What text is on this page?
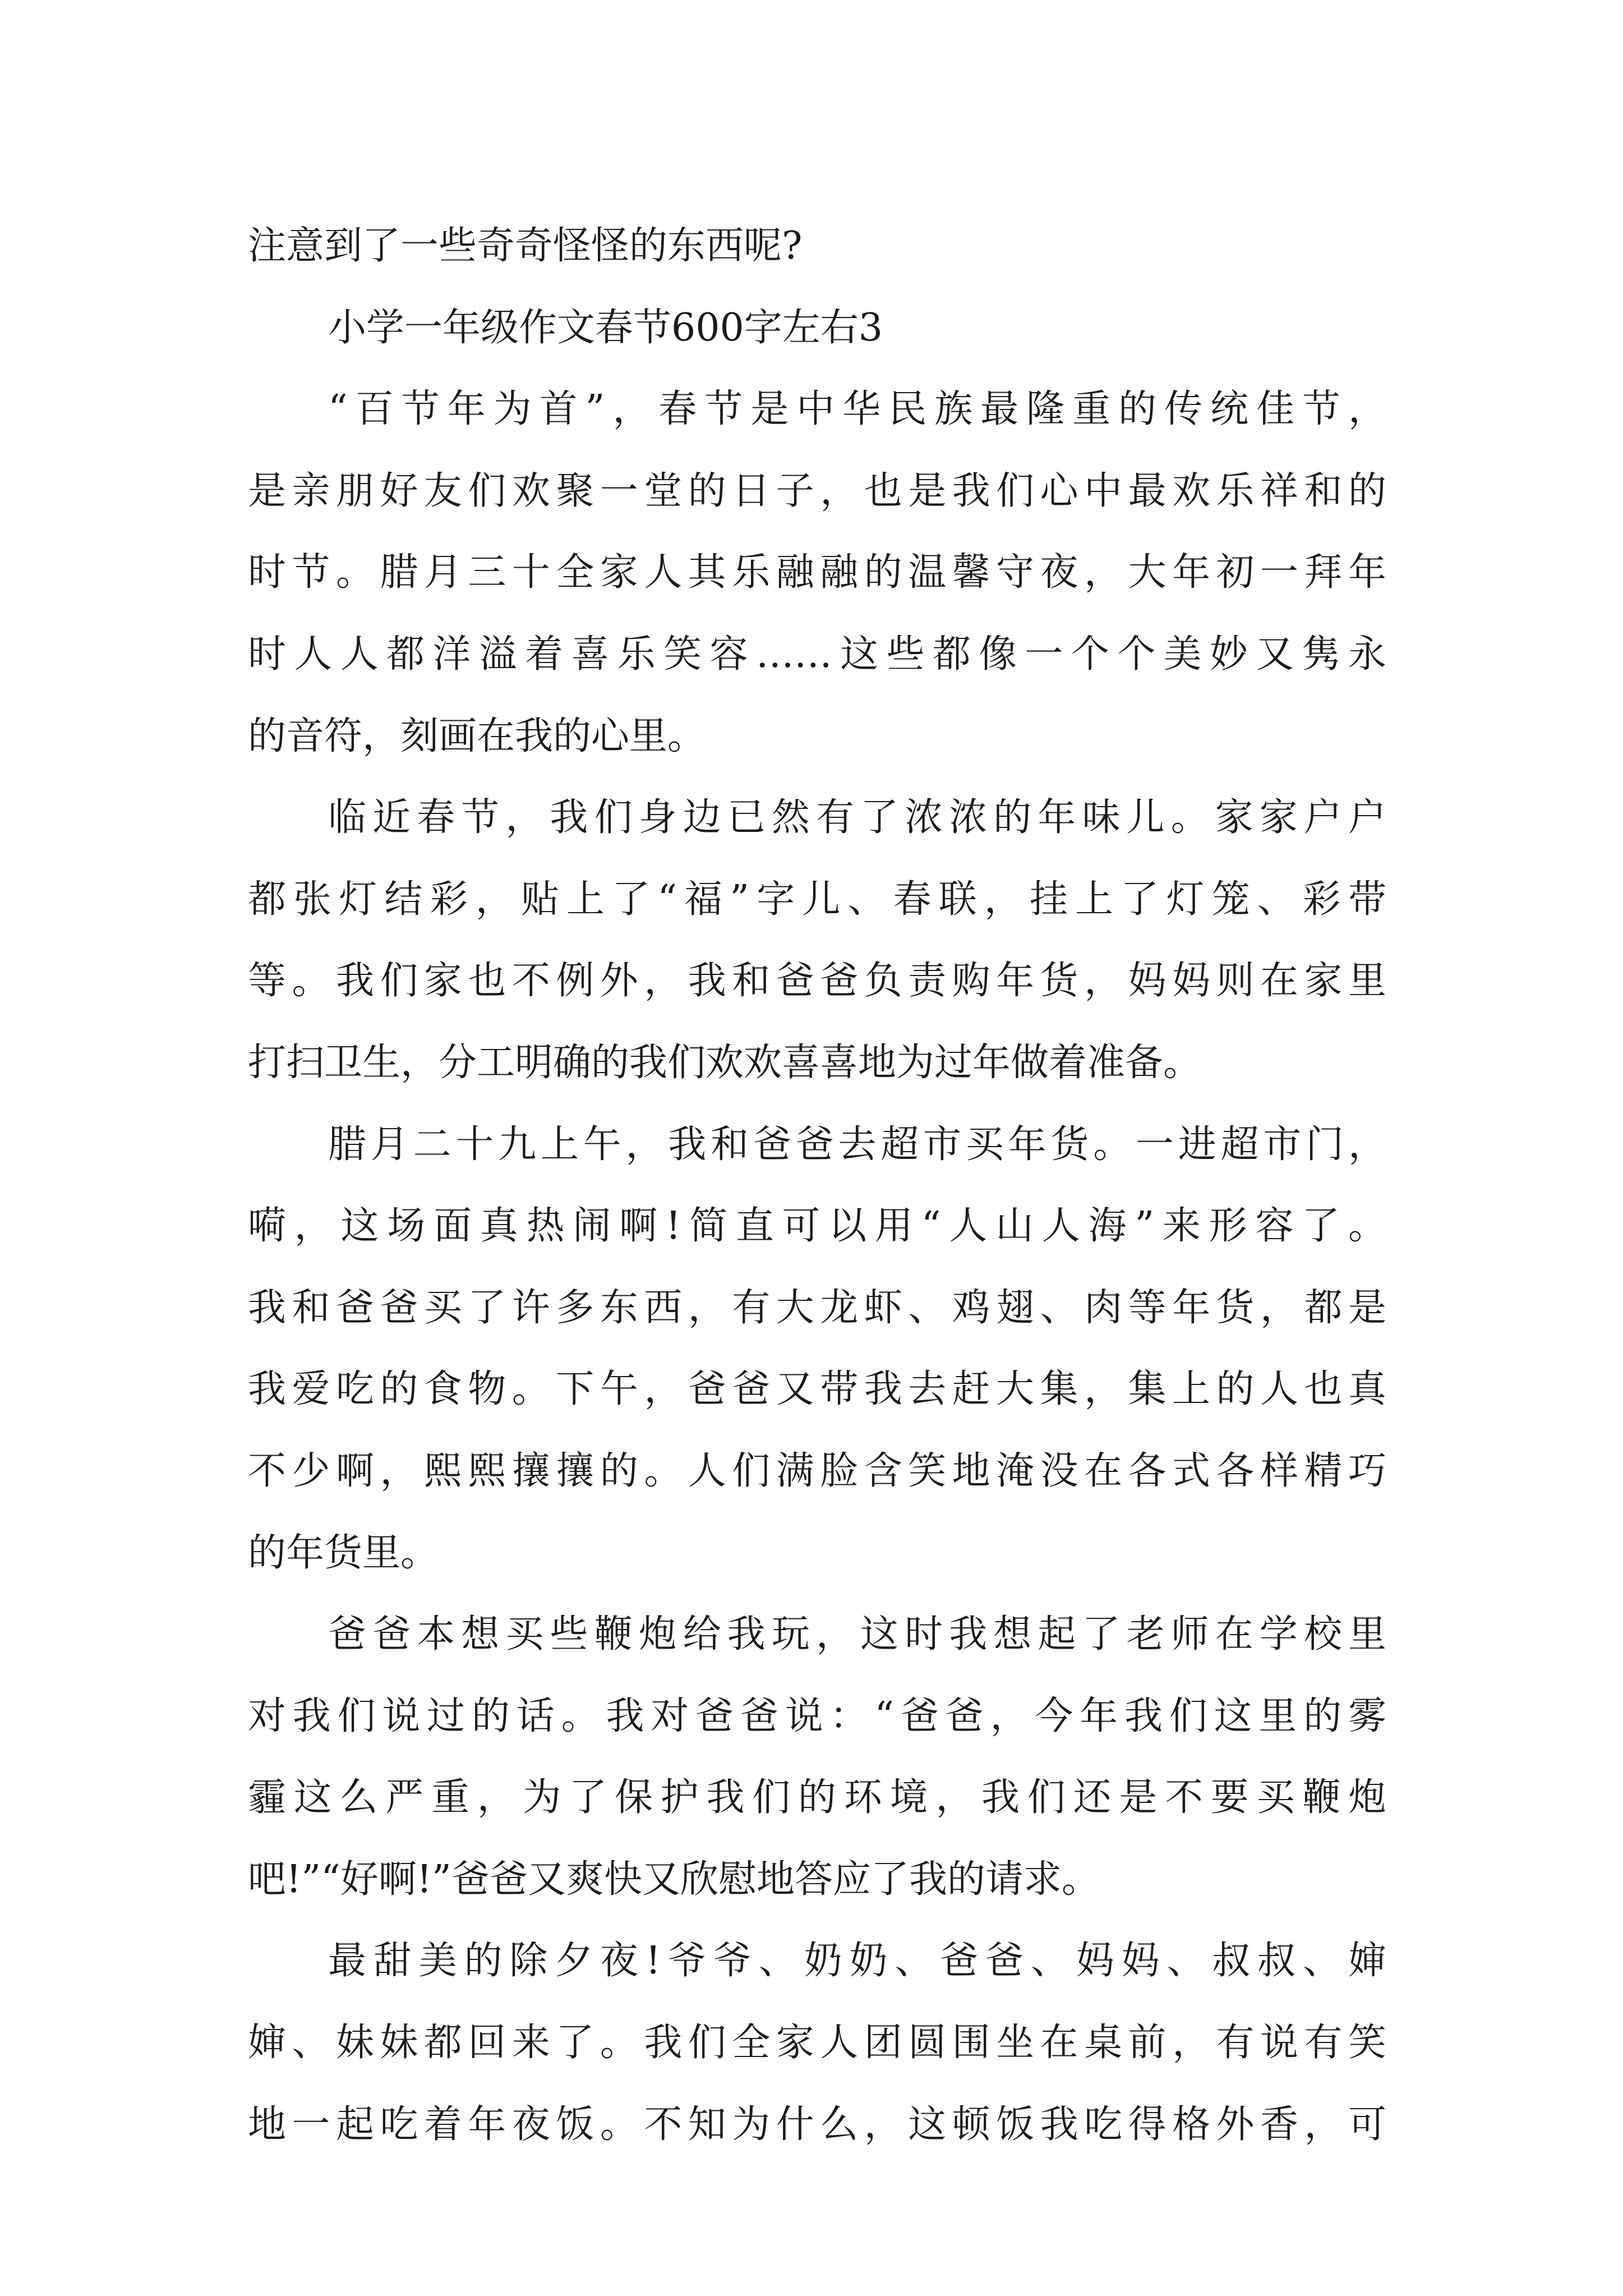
注意到了一些奇奇怪怪的东西呢?
小学一年级作文春节600字左右3
“百节年为首”，春节是中华民族最隆重的传统佳节，
是亲朋好友们欢聚一堂的日子，也是我们心中最欢乐祥和的
时节。腊月三十全家人其乐融融的温馨守夜，大年初一拜年
时人人都洋溢着喜乐笑容……这些都像一个个美妙又隽永
的音符，刻画在我的心里。
临近春节，我们身边已然有了浓浓的年味儿。家家户户
都张灯结彩，贴上了“福”字儿、春联，挂上了灯笼、彩带
等。我们家也不例外，我和爸爸负责购年货，妈妈则在家里
打扫卫生，分工明确的我们欢欢喜喜地为过年做着准备。
腊月二十九上午，我和爸爸去超市买年货。一进超市门，
嗬，这场面真热闹啊!简直可以用“人山人海”来形容了。
我和爸爸买了许多东西，有大龙虾、鸡翅、肉等年货，都是
我爱吃的食物。下午，爸爸又带我去赶大集，集上的人也真
不少啊，熙熙攘攘的。人们满脸含笑地淹没在各式各样精巧
的年货里。
爸爸本想买些鞭炮给我玩，这时我想起了老师在学校里
对我们说过的话。我对爸爸说：“爸爸，今年我们这里的雾
霾这么严重，为了保护我们的环境，我们还是不要买鞭炮
吧!”“好啊!”爸爸又爽快又欣慰地答应了我的请求。
最甜美的除夕夜!爷爷、奶奶、爸爸、妈妈、叔叔、婶
婶、妹妹都回来了。我们全家人团圆围坐在桌前，有说有笑
地一起吃着年夜饭。不知为什么，这顿饭我吃得格外香，可
